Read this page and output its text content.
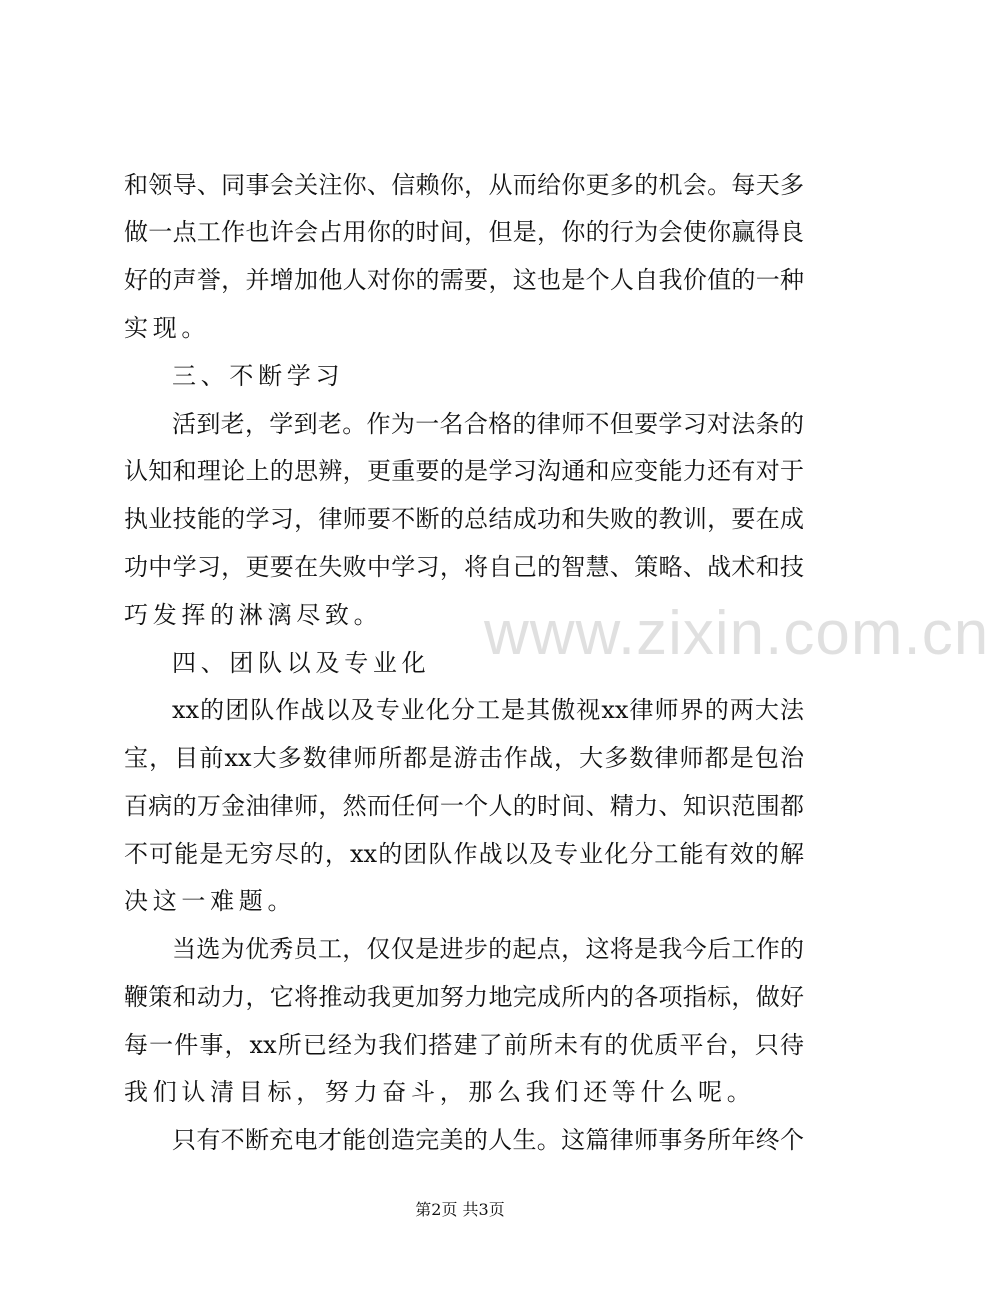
和领导、同事会关注你、信赖你，从而给你更多的机会。每天多
做一点工作也许会占用你的时间，但是，你的行为会使你赢得良
好的声誉，并增加他人对你的需要，这也是个人自我价值的一种
实现。
三、不断学习
活到老，学到老。作为一名合格的律师不但要学习对法条的
认知和理论上的思辨，更重要的是学习沟通和应变能力还有对于
执业技能的学习，律师要不断的总结成功和失败的教训，要在成
功中学习，更要在失败中学习，将自己的智慧、策略、战术和技
巧发挥的淋漓尽致。
四、团队以及专业化
xx的团队作战以及专业化分工是其傲视xx律师界的两大法
宝，目前xx大多数律师所都是游击作战，大多数律师都是包治
百病的万金油律师，然而任何一个人的时间、精力、知识范围都
不可能是无穷尽的，xx的团队作战以及专业化分工能有效的解
决这一难题。
当选为优秀员工，仅仅是进步的起点，这将是我今后工作的
鞭策和动力，它将推动我更加努力地完成所内的各项指标，做好
每一件事，xx所已经为我们搭建了前所未有的优质平台，只待
我们认清目标，努力奋斗，那么我们还等什么呢。
只有不断充电才能创造完美的人生。这篇律师事务所年终个
www.zixin.com.cn
第2页 共3页
